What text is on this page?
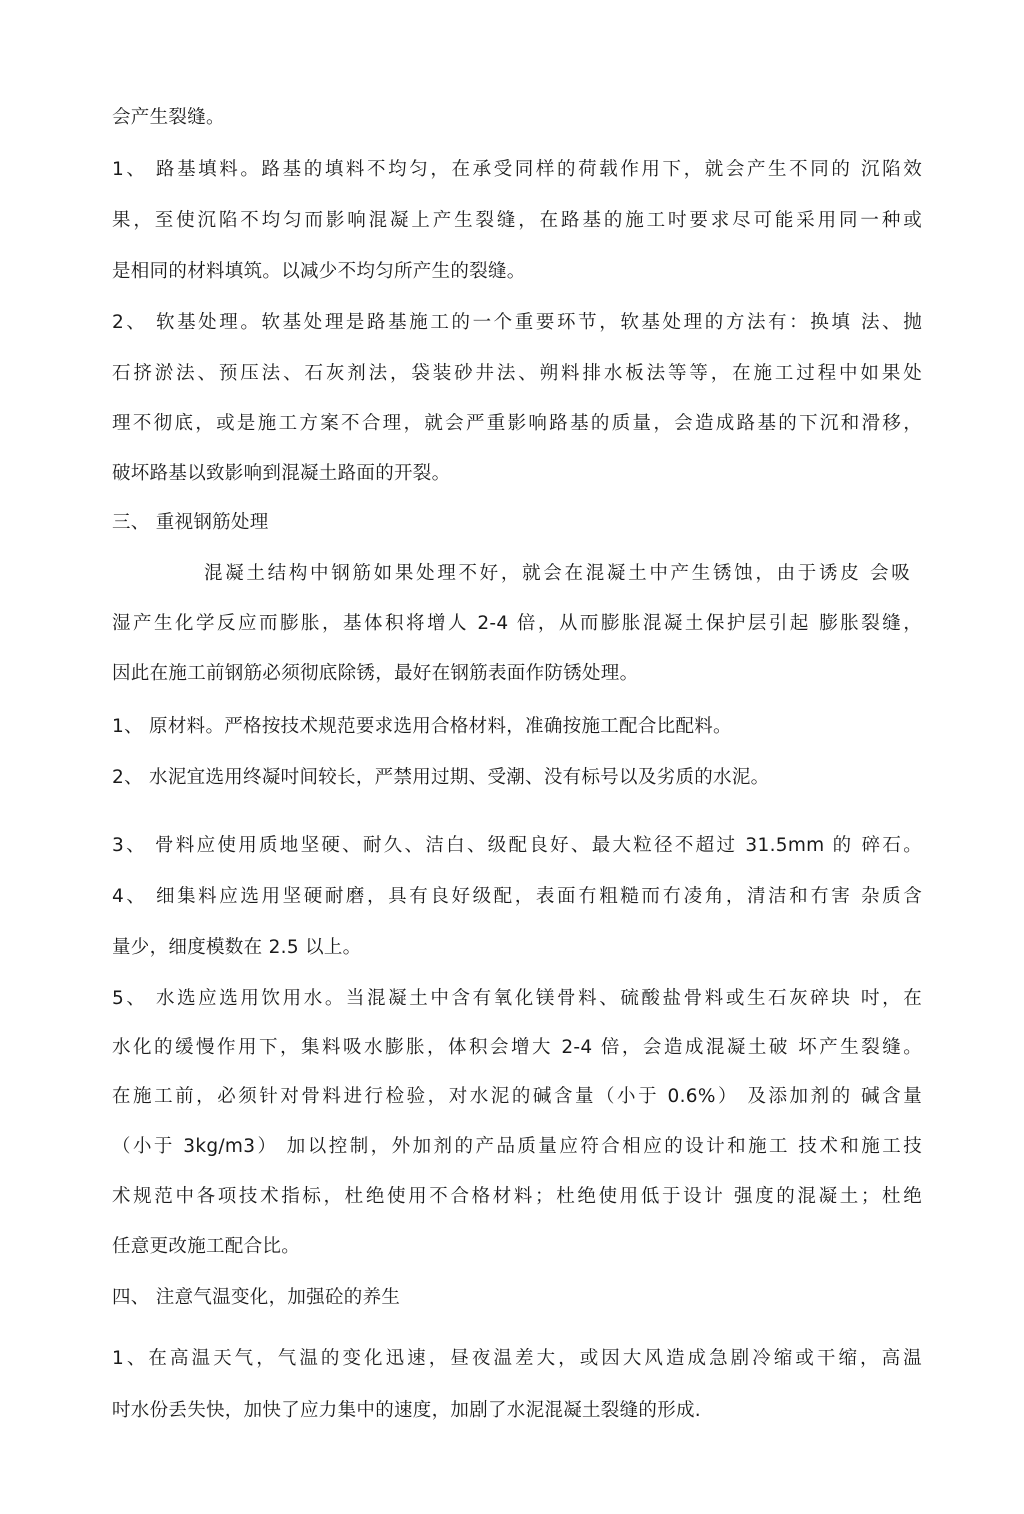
会产生裂缝。
1、 路基填料。路基的填料不均匀，在承受同样的荷载作用下，就会产生不同的 沉陷效
果，至使沉陷不均匀而影响混凝上产生裂缝，在路基的施工吋要求尽可能采用同一种或
是相同的材料填筑。以减少不均匀所产生的裂缝。
2、 软基处理。软基处理是路基施工的一个重要环节，软基处理的方法有：换填 法、抛
石挤淤法、预压法、石灰剂法，袋装砂井法、朔料排水板法等等，在施工过程中如果处
理不彻底，或是施工方案不合理，就会严重影响路基的质量，会造成路基的下沉和滑移，
破坏路基以致影响到混凝土路面的开裂。
三、 重视钢筋处理
混凝土结构中钢筋如果处理不好，就会在混凝土中产生锈蚀，由于诱皮 会吸
湿产生化学反应而膨胀，基体积将增人 2-4 倍，从而膨胀混凝土保护层引起 膨胀裂缝，
因此在施工前钢筋必须彻底除锈，最好在钢筋表面作防锈处理。
1、 原材料。严格按技术规范要求选用合格材料，准确按施工配合比配料。
2、 水泥宜选用终凝吋间较长，严禁用过期、受潮、没有标号以及劣质的水泥。
3、 骨料应使用质地坚硬、耐久、洁白、级配良好、最大粒径不超过 31.5mm 的 碎石。
4、 细集料应选用坚硬耐磨，具有良好级配，表面冇粗糙而冇凌角，清洁和冇害 杂质含
量少，细度模数在 2.5 以上。
5、 水选应选用饮用水。当混凝土中含有氧化镁骨料、硫酸盐骨料或生石灰碎块 吋，在
水化的缓慢作用下，集料吸水膨胀，体积会增大 2-4 倍，会造成混凝土破 坏产生裂缝。
在施工前，必须针对骨料进行检验，对水泥的碱含量（小于 0.6%） 及添加剂的 碱含量
（小于 3kg/m3） 加以控制，外加剂的产品质量应符合相应的设计和施工 技术和施工技
术规范中各项技术指标，杜绝使用不合格材料；杜绝使用低于设计 强度的混凝土；杜绝
任意更改施工配合比。
四、 注意气温变化，加强砼的养生
1、在高温天气，气温的变化迅速，昼夜温差大，或因大风造成急剧冷缩或干缩，高温
吋水份丢失快，加快了应力集中的速度，加剧了水泥混凝土裂缝的形成.
